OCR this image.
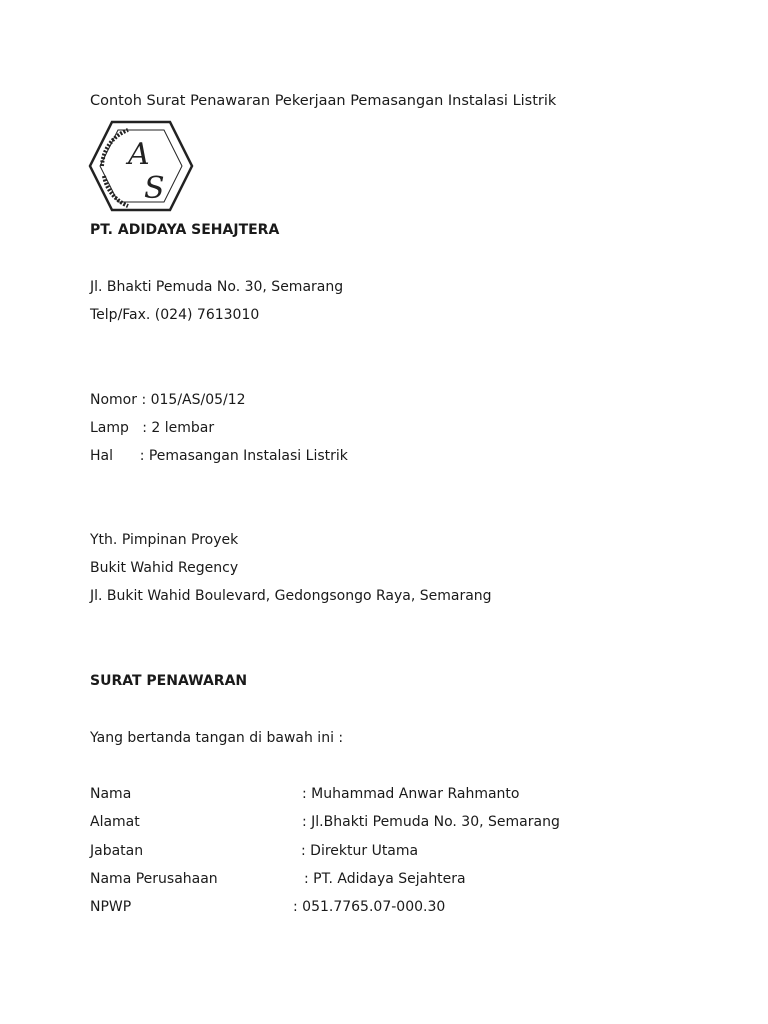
Contoh Surat Penawaran Pekerjaan Pemasangan Instalasi Listrik
A
S
PT. ADIDAYA SEHAJTERA
Jl. Bhakti Pemuda No. 30, Semarang
Telp/Fax. (024) 7613010
Nomor : 015/AS/05/12
Lamp   : 2 lembar
Hal      : Pemasangan Instalasi Listrik
Yth. Pimpinan Proyek
Bukit Wahid Regency
Jl. Bukit Wahid Boulevard, Gedongsongo Raya, Semarang
SURAT PENAWARAN
Yang bertanda tangan di bawah ini :
Nama	: Muhammad Anwar Rahmanto
Alamat	: Jl.Bhakti Pemuda No. 30, Semarang
Jabatan	: Direktur Utama
Nama Perusahaan	: PT. Adidaya Sejahtera
NPWP	: 051.7765.07-000.30
